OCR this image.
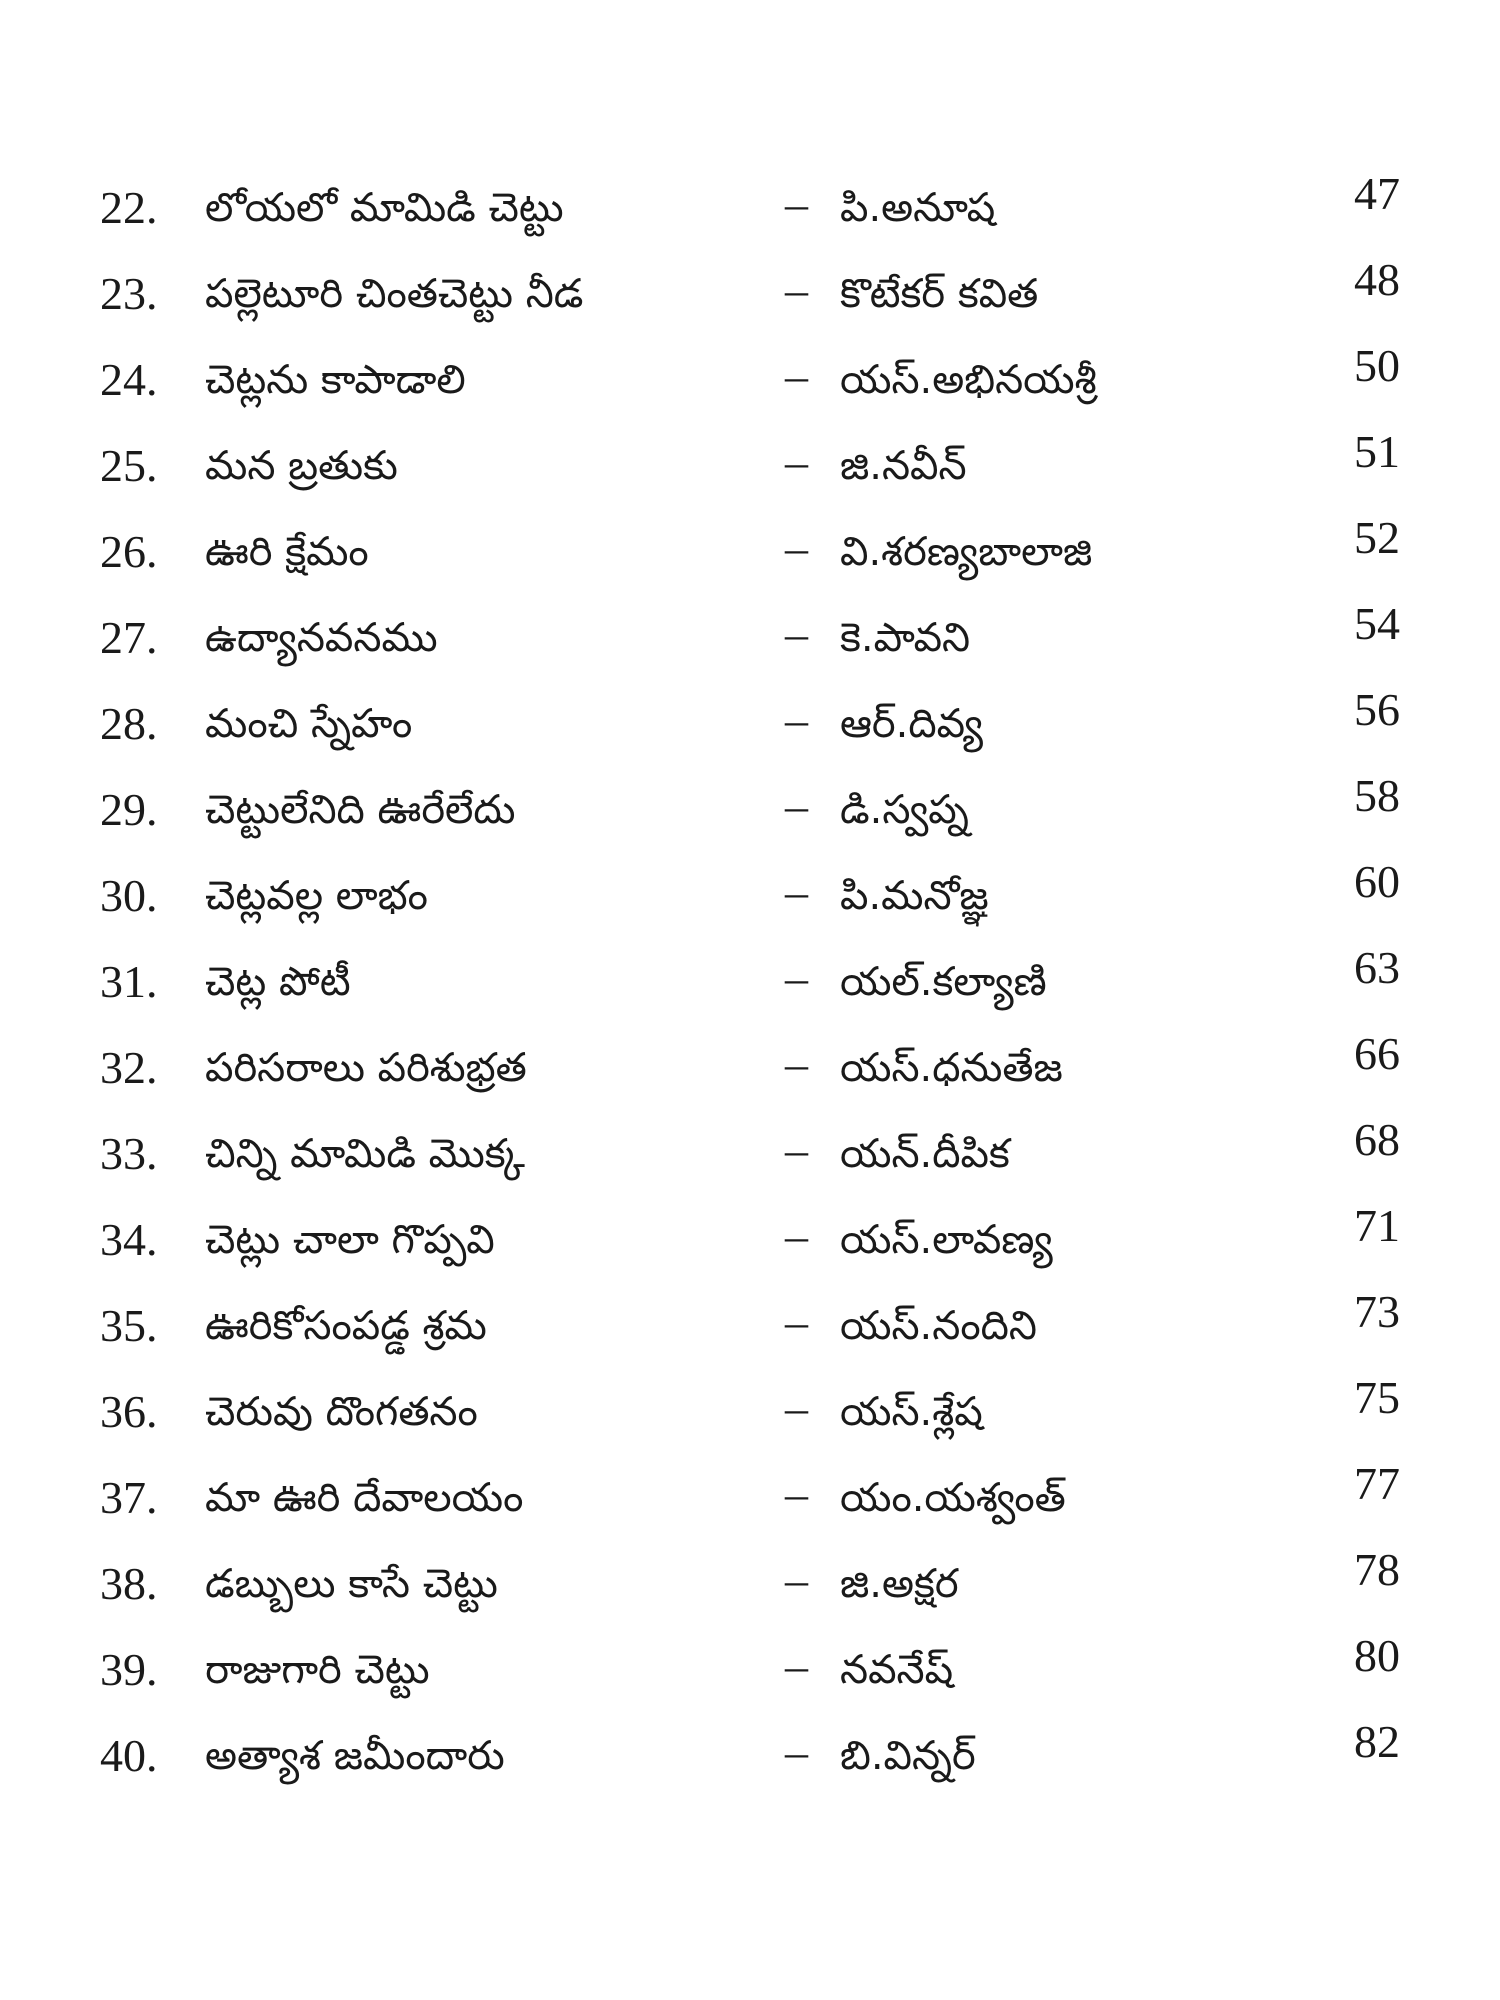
22. లోయలో మామిడి చెట్టు	– పి.అనూష	47
23. పల్లెటూరి చింతచెట్టు నీడ	– కొటేకర్ కవిత	48
24. చెట్లను కాపాడాలి	– యస్.అభినయశ్రీ	50
25. మన బ్రతుకు	– జి.నవీన్	51
26. ఊరి క్షేమం	– వి.శరణ్యబాలాజి	52
27. ఉద్యానవనము	– కె.పావని	54
28. మంచి స్నేహం	– ఆర్.దివ్య	56
29. చెట్టులేనిది ఊరేలేదు	– డి.స్వప్న	58
30. చెట్లవల్ల లాభం	– పి.మనోజ్ఞ	60
31. చెట్ల పోటీ	– యల్.కల్యాణి	63
32. పరిసరాలు పరిశుభ్రత	– యస్.ధనుతేజ	66
33. చిన్ని మామిడి మొక్క	– యన్.దీపిక	68
34. చెట్లు చాలా గొప్పవి	– యస్.లావణ్య	71
35. ఊరికోసంపడ్డ శ్రమ	– యస్.నందిని	73
36. చెరువు దొంగతనం	– యస్.శ్లేష	75
37. మా ఊరి దేవాలయం	– యం.యశ్వంత్	77
38. డబ్బులు కాసే చెట్టు	– జి.అక్షర	78
39. రాజుగారి చెట్టు	– నవనేష్	80
40. అత్యాశ జమీందారు	– బి.విన్నర్	82
